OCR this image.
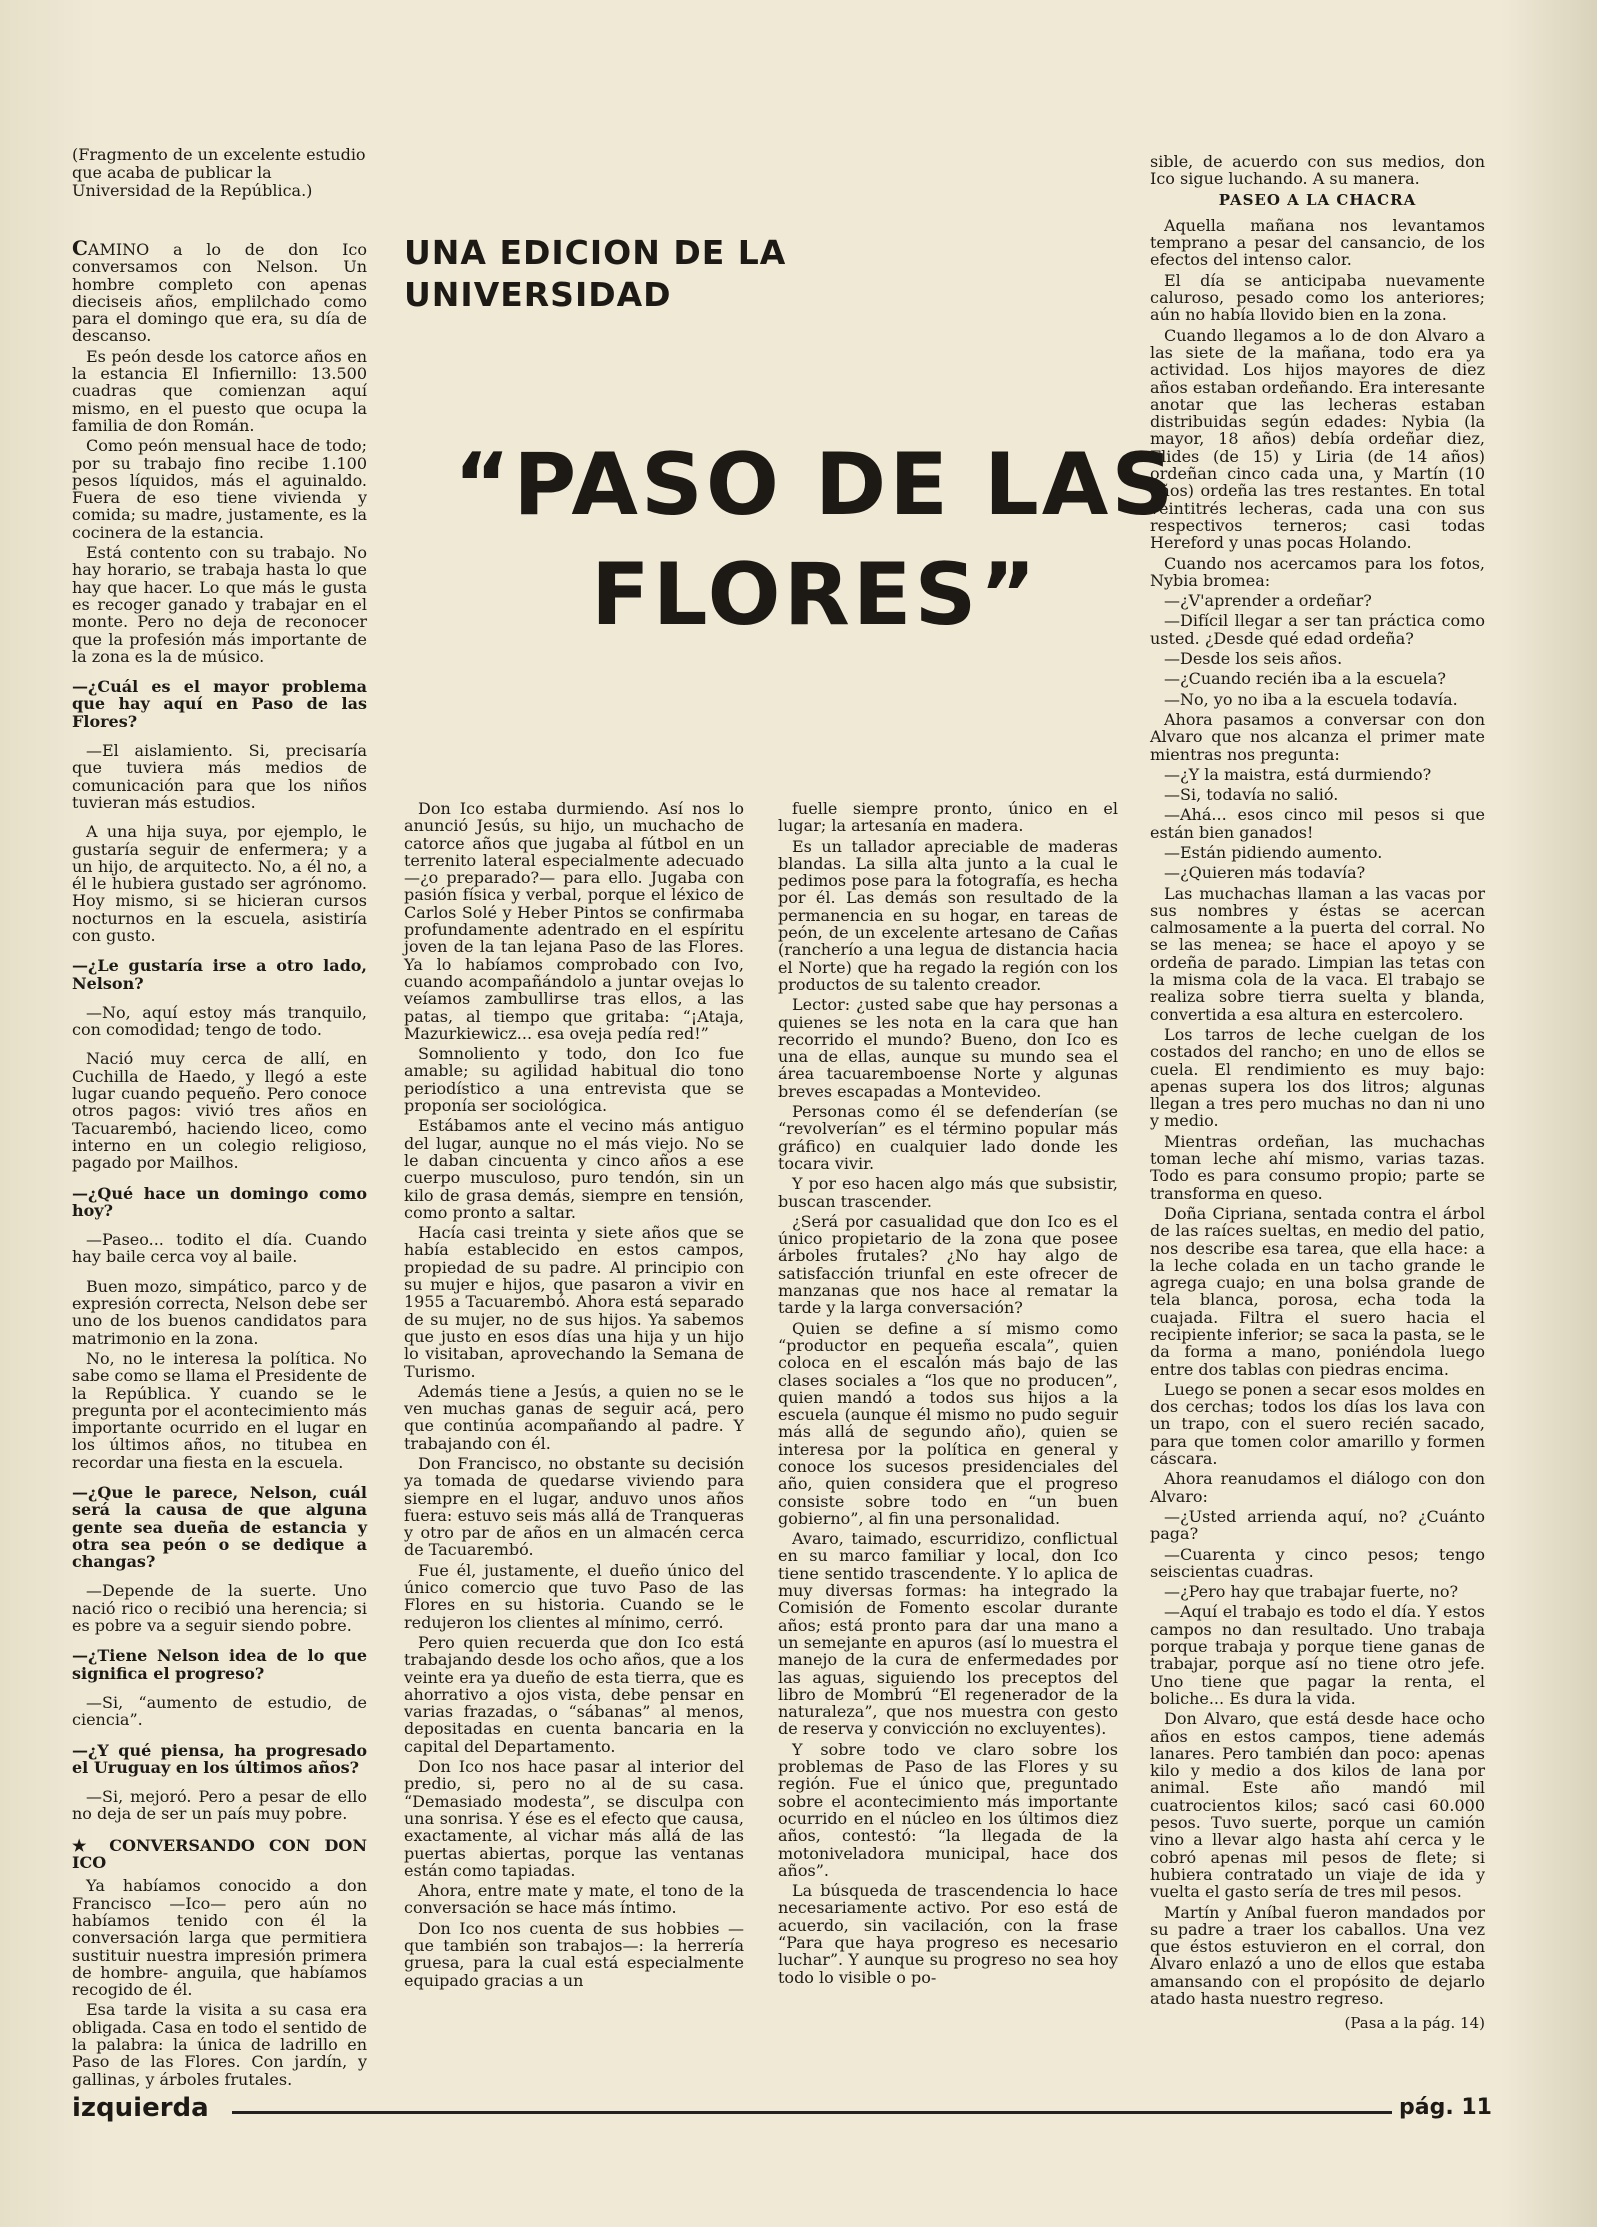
(Fragmento de un excelente estudio que acaba de publicar la Universidad de la República.)
UNA EDICION DE LA UNIVERSIDAD
“PASO DE LAS FLORES”

CAMINO a lo de don Ico conversamos con Nelson. Un hombre completo con apenas dieciseis años, emplilchado como para el domingo que era, su día de descanso.

Es peón desde los catorce años en la estancia El Infiernillo: 13.500 cuadras que comienzan aquí mismo, en el puesto que ocupa la familia de don Román.

Como peón mensual hace de todo; por su trabajo fino recibe 1.100 pesos líquidos, más el aguinaldo. Fuera de eso tiene vivienda y comida; su madre, justamente, es la cocinera de la estancia.

Está contento con su trabajo. No hay horario, se trabaja hasta lo que hay que hacer. Lo que más le gusta es recoger ganado y trabajar en el monte. Pero no deja de reconocer que la profesión más importante de la zona es la de músico.

—¿Cuál es el mayor problema que hay aquí en Paso de las Flores?

—El aislamiento. Si, precisaría que tuviera más medios de comunicación para que los niños tuvieran más estudios.

A una hija suya, por ejemplo, le gustaría seguir de enfermera; y a un hijo, de arquitecto. No, a él no, a él le hubiera gustado ser agrónomo. Hoy mismo, si se hicieran cursos nocturnos en la escuela, asistiría con gusto.

—¿Le gustaría irse a otro lado, Nelson?

—No, aquí estoy más tranquilo, con comodidad; tengo de todo.

Nació muy cerca de allí, en Cuchilla de Haedo, y llegó a este lugar cuando pequeño. Pero conoce otros pagos: vivió tres años en Tacuarembó, haciendo liceo, como interno en un colegio religioso, pagado por Mailhos.

—¿Qué hace un domingo como hoy?

—Paseo... todito el día. Cuando hay baile cerca voy al baile.

Buen mozo, simpático, parco y de expresión correcta, Nelson debe ser uno de los buenos candidatos para matrimonio en la zona.

No, no le interesa la política. No sabe como se llama el Presidente de la República. Y cuando se le pregunta por el acontecimiento más importante ocurrido en el lugar en los últimos años, no titubea en recordar una fiesta en la escuela.

—¿Que le parece, Nelson, cuál será la causa de que alguna gente sea dueña de estancia y otra sea peón o se dedique a changas?

—Depende de la suerte. Uno nació rico o recibió una herencia; si es pobre va a seguir siendo pobre.

—¿Tiene Nelson idea de lo que significa el progreso?

—Si, “aumento de estudio, de ciencia”.

—¿Y qué piensa, ha progresado el Uruguay en los últimos años?

—Si, mejoró. Pero a pesar de ello no deja de ser un país muy pobre.

★ CONVERSANDO CON DON ICO

Ya habíamos conocido a don Francisco —Ico— pero aún no habíamos tenido con él la conversación larga que permitiera sustituir nuestra impresión primera de hombre- anguila, que habíamos recogido de él.

Esa tarde la visita a su casa era obligada. Casa en todo el sentido de la palabra: la única de ladrillo en Paso de las Flores. Con jardín, y gallinas, y árboles frutales.

Don Ico estaba durmiendo. Así nos lo anunció Jesús, su hijo, un muchacho de catorce años que jugaba al fútbol en un terrenito lateral especialmente adecuado —¿o preparado?— para ello. Jugaba con pasión física y verbal, porque el léxico de Carlos Solé y Heber Pintos se confirmaba profundamente adentrado en el espíritu joven de la tan lejana Paso de las Flores. Ya lo habíamos comprobado con Ivo, cuando acompañándolo a juntar ovejas lo veíamos zambullirse tras ellos, a las patas, al tiempo que gritaba: “¡Ataja, Mazurkiewicz... esa oveja pedía red!”

Somnoliento y todo, don Ico fue amable; su agilidad habitual dio tono periodístico a una entrevista que se proponía ser sociológica.

Estábamos ante el vecino más antiguo del lugar, aunque no el más viejo. No se le daban cincuenta y cinco años a ese cuerpo musculoso, puro tendón, sin un kilo de grasa demás, siempre en tensión, como pronto a saltar.

Hacía casi treinta y siete años que se había establecido en estos campos, propiedad de su padre. Al principio con su mujer e hijos, que pasaron a vivir en 1955 a Tacuarembó. Ahora está separado de su mujer, no de sus hijos. Ya sabemos que justo en esos días una hija y un hijo lo visitaban, aprovechando la Semana de Turismo.

Además tiene a Jesús, a quien no se le ven muchas ganas de seguir acá, pero que continúa acompañando al padre. Y trabajando con él.

Don Francisco, no obstante su decisión ya tomada de quedarse viviendo para siempre en el lugar, anduvo unos años fuera: estuvo seis más allá de Tranqueras y otro par de años en un almacén cerca de Tacuarembó.

Fue él, justamente, el dueño único del único comercio que tuvo Paso de las Flores en su historia. Cuando se le redujeron los clientes al mínimo, cerró.

Pero quien recuerda que don Ico está trabajando desde los ocho años, que a los veinte era ya dueño de esta tierra, que es ahorrativo a ojos vista, debe pensar en varias frazadas, o “sábanas” al menos, depositadas en cuenta bancaria en la capital del Departamento.

Don Ico nos hace pasar al interior del predio, si, pero no al de su casa. “Demasiado modesta”, se disculpa con una sonrisa. Y ése es el efecto que causa, exactamente, al vichar más allá de las puertas abiertas, porque las ventanas están como tapiadas.

Ahora, entre mate y mate, el tono de la conversación se hace más íntimo.

Don Ico nos cuenta de sus hobbies —que también son trabajos—: la herrería gruesa, para la cual está especialmente equipado gracias a un

fuelle siempre pronto, único en el lugar; la artesanía en madera.

Es un tallador apreciable de maderas blandas. La silla alta junto a la cual le pedimos pose para la fotografía, es hecha por él. Las demás son resultado de la permanencia en su hogar, en tareas de peón, de un excelente artesano de Cañas (rancherío a una legua de distancia hacia el Norte) que ha regado la región con los productos de su talento creador.

Lector: ¿usted sabe que hay personas a quienes se les nota en la cara que han recorrido el mundo? Bueno, don Ico es una de ellas, aunque su mundo sea el área tacuaremboense Norte y algunas breves escapadas a Montevideo.

Personas como él se defenderían (se “revolverían” es el término popular más gráfico) en cualquier lado donde les tocara vivir.

Y por eso hacen algo más que subsistir, buscan trascender.

¿Será por casualidad que don Ico es el único propietario de la zona que posee árboles frutales? ¿No hay algo de satisfacción triunfal en este ofrecer de manzanas que nos hace al rematar la tarde y la larga conversación?

Quien se define a sí mismo como “productor en pequeña escala”, quien coloca en el escalón más bajo de las clases sociales a “los que no producen”, quien mandó a todos sus hijos a la escuela (aunque él mismo no pudo seguir más allá de segundo año), quien se interesa por la política en general y conoce los sucesos presidenciales del año, quien considera que el progreso consiste sobre todo en “un buen gobierno”, al fin una personalidad.

Avaro, taimado, escurridizo, conflictual en su marco familiar y local, don Ico tiene sentido trascendente. Y lo aplica de muy diversas formas: ha integrado la Comisión de Fomento escolar durante años; está pronto para dar una mano a un semejante en apuros (así lo muestra el manejo de la cura de enfermedades por las aguas, siguiendo los preceptos del libro de Mombrú “El regenerador de la naturaleza”, que nos muestra con gesto de reserva y convicción no excluyentes).

Y sobre todo ve claro sobre los problemas de Paso de las Flores y su región. Fue el único que, preguntado sobre el acontecimiento más importante ocurrido en el núcleo en los últimos diez años, contestó: “la llegada de la motoniveladora municipal, hace dos años”.

La búsqueda de trascendencia lo hace necesariamente activo. Por eso está de acuerdo, sin vacilación, con la frase “Para que haya progreso es necesario luchar”. Y aunque su progreso no sea hoy todo lo visible o po-

sible, de acuerdo con sus medios, don Ico sigue luchando. A su manera.

PASEO A LA CHACRA

Aquella mañana nos levantamos temprano a pesar del cansancio, de los efectos del intenso calor.

El día se anticipaba nuevamente caluroso, pesado como los anteriores; aún no había llovido bien en la zona.

Cuando llegamos a lo de don Alvaro a las siete de la mañana, todo era ya actividad. Los hijos mayores de diez años estaban ordeñando. Era interesante anotar que las lecheras estaban distribuidas según edades: Nybia (la mayor, 18 años) debía ordeñar diez, Flides (de 15) y Liria (de 14 años) ordeñan cinco cada una, y Martín (10 años) ordeña las tres restantes. En total veintitrés lecheras, cada una con sus respectivos terneros; casi todas Hereford y unas pocas Holando.

Cuando nos acercamos para los fotos, Nybia bromea:

—¿V'aprender a ordeñar?

—Difícil llegar a ser tan práctica como usted. ¿Desde qué edad ordeña?

—Desde los seis años.

—¿Cuando recién iba a la escuela?

—No, yo no iba a la escuela todavía.

Ahora pasamos a conversar con don Alvaro que nos alcanza el primer mate mientras nos pregunta:

—¿Y la maistra, está durmiendo?

—Si, todavía no salió.

—Ahá... esos cinco mil pesos si que están bien ganados!

—Están pidiendo aumento.

—¿Quieren más todavía?

Las muchachas llaman a las vacas por sus nombres y éstas se acercan calmosamente a la puerta del corral. No se las menea; se hace el apoyo y se ordeña de parado. Limpian las tetas con la misma cola de la vaca. El trabajo se realiza sobre tierra suelta y blanda, convertida a esa altura en estercolero.

Los tarros de leche cuelgan de los costados del rancho; en uno de ellos se cuela. El rendimiento es muy bajo: apenas supera los dos litros; algunas llegan a tres pero muchas no dan ni uno y medio.

Mientras ordeñan, las muchachas toman leche ahí mismo, varias tazas. Todo es para consumo propio; parte se transforma en queso.

Doña Cipriana, sentada contra el árbol de las raíces sueltas, en medio del patio, nos describe esa tarea, que ella hace: a la leche colada en un tacho grande le agrega cuajo; en una bolsa grande de tela blanca, porosa, echa toda la cuajada. Filtra el suero hacia el recipiente inferior; se saca la pasta, se le da forma a mano, poniéndola luego entre dos tablas con piedras encima.

Luego se ponen a secar esos moldes en dos cerchas; todos los días los lava con un trapo, con el suero recién sacado, para que tomen color amarillo y formen cáscara.

Ahora reanudamos el diálogo con don Alvaro:

—¿Usted arrienda aquí, no? ¿Cuánto paga?

—Cuarenta y cinco pesos; tengo seiscientas cuadras.

—¿Pero hay que trabajar fuerte, no?

—Aquí el trabajo es todo el día. Y estos campos no dan resultado. Uno trabaja porque trabaja y porque tiene ganas de trabajar, porque así no tiene otro jefe. Uno tiene que pagar la renta, el boliche... Es dura la vida.

Don Alvaro, que está desde hace ocho años en estos campos, tiene además lanares. Pero también dan poco: apenas kilo y medio a dos kilos de lana por animal. Este año mandó mil cuatrocientos kilos; sacó casi 60.000 pesos. Tuvo suerte, porque un camión vino a llevar algo hasta ahí cerca y le cobró apenas mil pesos de flete; si hubiera contratado un viaje de ida y vuelta el gasto sería de tres mil pesos.

Martín y Aníbal fueron mandados por su padre a traer los caballos. Una vez que éstos estuvieron en el corral, don Alvaro enlazó a uno de ellos que estaba amansando con el propósito de dejarlo atado hasta nuestro regreso.

(Pasa a la pág. 14)
izquierda	pág. 11
